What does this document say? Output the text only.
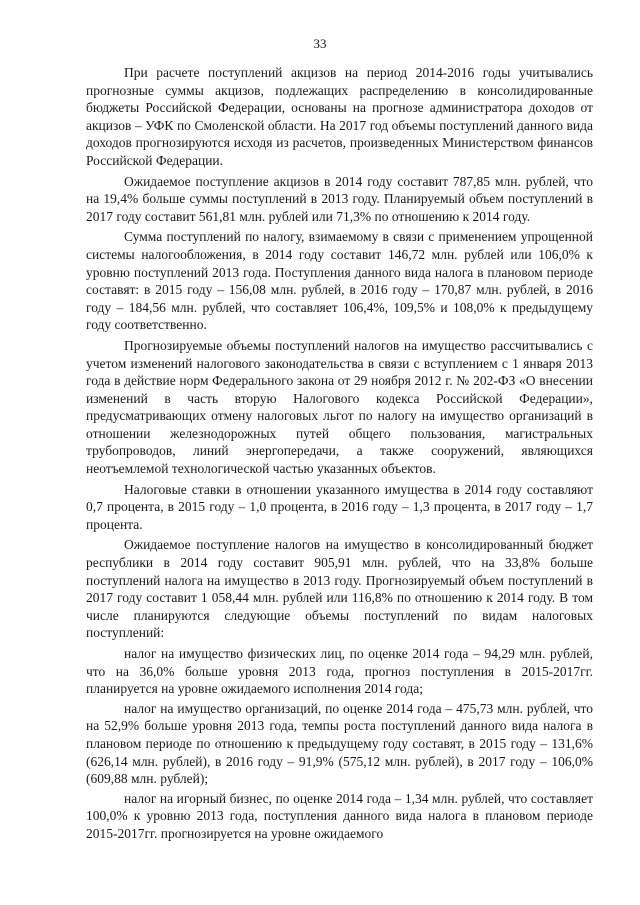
33

При расчете поступлений акцизов на период 2014-2016 годы учитывались прогнозные суммы акцизов, подлежащих распределению в консолидированные бюджеты Российской Федерации, основаны на прогнозе администратора доходов от акцизов – УФК по Смоленской области. На 2017 год объемы поступлений данного вида доходов прогнозируются исходя из расчетов, произведенных Министерством финансов Российской Федерации.

Ожидаемое поступление акцизов в 2014 году составит 787,85 млн. рублей, что на 19,4% больше суммы поступлений в 2013 году. Планируемый объем поступлений в 2017 году составит 561,81 млн. рублей или 71,3% по отношению к 2014 году.

Сумма поступлений по налогу, взимаемому в связи с применением упрощенной системы налогообложения, в 2014 году составит 146,72 млн. рублей или 106,0% к уровню поступлений 2013 года. Поступления данного вида налога в плановом периоде составят: в 2015 году – 156,08 млн. рублей, в 2016 году – 170,87 млн. рублей, в 2016 году – 184,56 млн. рублей, что составляет 106,4%, 109,5% и 108,0% к предыдущему году соответственно.

Прогнозируемые объемы поступлений налогов на имущество рассчитывались с учетом изменений налогового законодательства в связи с вступлением с 1 января 2013 года в действие норм Федерального закона от 29 ноября 2012 г. № 202-ФЗ «О внесении изменений в часть вторую Налогового кодекса Российской Федерации», предусматривающих отмену налоговых льгот по налогу на имущество организаций в отношении железнодорожных путей общего пользования, магистральных трубопроводов, линий энергопередачи, а также сооружений, являющихся неотъемлемой технологической частью указанных объектов.

Налоговые ставки в отношении указанного имущества в 2014 году составляют 0,7 процента, в 2015 году – 1,0 процента, в 2016 году – 1,3 процента, в 2017 году – 1,7 процента.

Ожидаемое поступление налогов на имущество в консолидированный бюджет республики в 2014 году составит 905,91 млн. рублей, что на 33,8% больше поступлений налога на имущество в 2013 году. Прогнозируемый объем поступлений в 2017 году составит 1 058,44 млн. рублей или 116,8% по отношению к 2014 году. В том числе планируются следующие объемы поступлений по видам налоговых поступлений:

налог на имущество физических лиц, по оценке 2014 года – 94,29 млн. рублей, что на 36,0% больше уровня 2013 года, прогноз поступления в 2015-2017гг. планируется на уровне ожидаемого исполнения 2014 года;

налог на имущество организаций, по оценке 2014 года – 475,73 млн. рублей, что на 52,9% больше уровня 2013 года, темпы роста поступлений данного вида налога в плановом периоде по отношению к предыдущему году составят, в 2015 году – 131,6% (626,14 млн. рублей), в 2016 году – 91,9% (575,12 млн. рублей), в 2017 году – 106,0% (609,88 млн. рублей);

налог на игорный бизнес, по оценке 2014 года – 1,34 млн. рублей, что составляет 100,0% к уровню 2013 года, поступления данного вида налога в плановом периоде 2015-2017гг. прогнозируется на уровне ожидаемого
